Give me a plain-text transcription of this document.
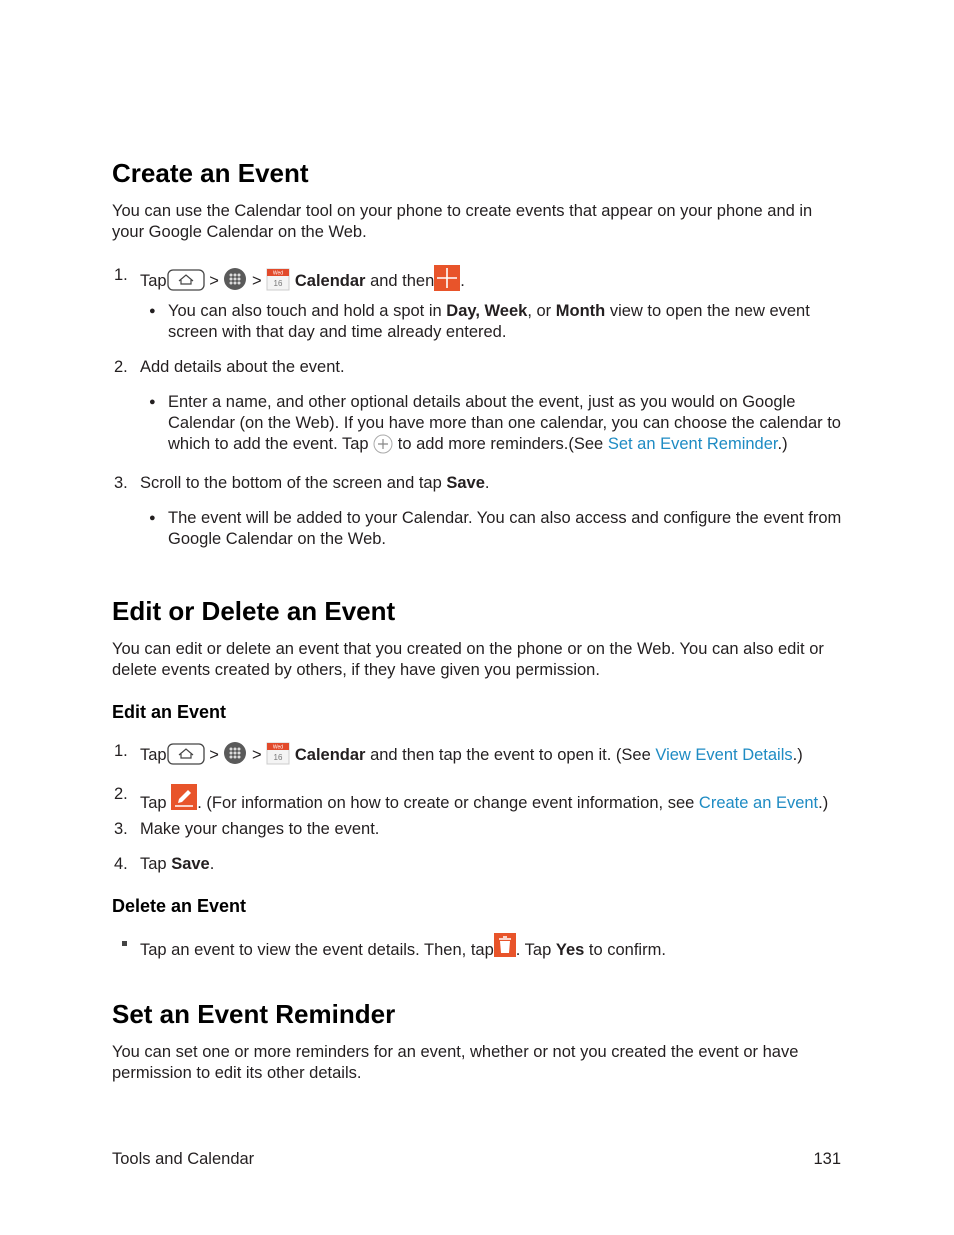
Create an Event

You can use the Calendar tool on your phone to create events that appear on your phone and in your Google Calendar on the Web.

1. Tap	> > Wed
16 Calendar and then .

● You can also touch and hold a spot in Day, Week, or Month view to open the new event screen with that day and time already entered.

2. Add details about the event.

● Enter a name, and other optional details about the event, just as you would on Google Calendar (on the Web). If you have more than one calendar, you can choose the calendar to which to add the event. Tap to add more reminders.(See Set an Event Reminder.)

3. Scroll to the bottom of the screen and tap Save.

● The event will be added to your Calendar. You can also access and configure the event from Google Calendar on the Web.

Edit or Delete an Event

You can edit or delete an event that you created on the phone or on the Web. You can also edit or delete events created by others, if they have given you permission.

Edit an Event
1. Tap	> > Wed
16 Calendar and then tap the event to open it. (See View Event Details.)

2. Tap . (For information on how to create or change event information, see Create an Event.)

3. Make your changes to the event.

4. Tap Save.

Delete an Event

Tap an event to view the event details. Then, tap . Tap Yes to confirm.

Set an Event Reminder

You can set one or more reminders for an event, whether or not you created the event or have permission to edit its other details.

Tools and Calendar	131
